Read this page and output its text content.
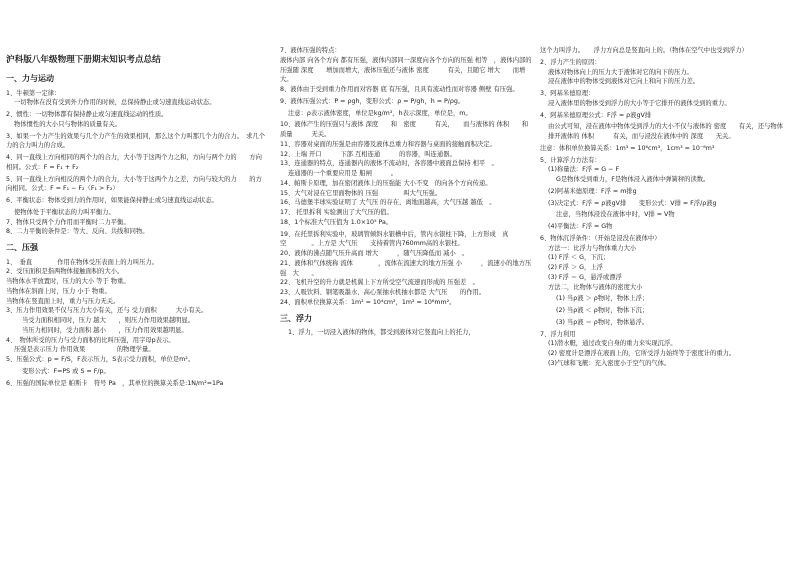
沪科版八年级物理下册期末知识考点总结

一、力与运动

1、牛顿第一定律：

一切物体在没有受到外力作用的时候，总保持静止或匀速直线运动状态。

2、惯性：一切物体都有保持静止或匀速直线运动的性质。

物体惯性的大小只与物体的质量有关。

3、如果一个力产生的效果与几个力产生的效果相同，那么这个力叫那几个力的合力。　求几个力的合力叫力的合成。

4、同一直线上方向相同的两个力的合力，大小等于这两个力之和，方向与两个力的　　方向相同。公式：F = F₁ + F₂

5、同一直线上方向相反的两个力的合力，大小等于这两个力之差，方向与较大的力　　的方向相同。公式：F = F₁ − F₂（F₁ > F₂）

6、平衡状态：物体受到力的作用时，如果能保持静止或匀速直线运动状态。

使物体处于平衡状态的力叫平衡力。

7、物体只受两个力作用而平衡时二力平衡。

8、二力平衡的条件是：等大、反向、共线和同物。

二、压强

1、　垂直　　　　作用在物体受压表面上的力叫压力。

2、受压面积是指两物体接触面积的大小。

当物体水平放置时，压力的大小 等于 物重。

当物体在斜面上时，压力 小于 物重。

当物体在竖直面上时，重力与压力无关。

3、压力作用效果不仅与压力大小有关，还与 受力面积　　　大小有关。

当受力面积相同时，压力 越大　　，则压力作用效果越明显。

当压力相同时，受力面积 越小　　，压力作用效果越明显。

4、　物体所受的压力与受力面积的比叫压强，用字母p表示。

压强是表示压力 作用效果　　　　　的物理学量。

5、压强公式：p = F/S，F表示压力，S表示受力面积，单位是m²。

变形公式：F=PS 或 S = F/p。

6、压强的国际单位是 帕斯卡　符号 Pa　，其单位的换算关系是:1N/m²=1Pa

7、液体压强的特点：

液体内部 向各个方向 都有压强，液体内部同一深度向各个方向的压强 相等　，液体内部的压强随 深度　　增加而增大，液体压强还与液体 密度　　　有关，且随它 增大　　而增大。

8、液体由于受到重力作用而对容器 底 有压强，且具有流动性而对容器 侧壁 有压强。

9、液体压强公式：P = ρgh，变形公式：ρ = P/gh，h = P/ρg。

注意：ρ表示液体密度，单位是kg/m³，h表示深度，单位是，m。

10、液体产生的压强只与液体 深度　　和　密度　　　有关，　　而与液体的 体积　　和　质量　　　无关。

11、容器对桌面的压强是由容器及液体总重力和容器与桌面的接触面积决定。

12、上端 开口　　　下部 互相连通　　　的容器，叫连通器。

13、连通器的特点，连通器内的液体不流动时，各容器中液面总保持 相平　。

连通器的一个重要应用是 船闸　　　。

14、帕斯卡原理，加在密闭液体上的压强能 大小不变　的向各个方向传递。

15、大气对浸在它里面物体的 压强　　　　叫大气压强。

16、马德堡半球实验证明了 大气压 的存在，离地面越高，大气压越 越低　。

17、 托里拆利 实验测出了大气压的值。

18、1个标准大气压值为 1.0×10⁵ Pa。

19、在托里拆利实验中，玻璃管倾斜水银槽中后，管内水银柱下降，上方形成　真空　　　　。上方是 大气压　　支持着管内760mm高的水银柱。

20、液体的沸点随气压升高而 增大　　　，随气压降低而 减小　。

21、液体和气体统称 流体　　　　，流体在流速大的地方压强 小　　　，流速小的地方压强　大　　。

22、飞机升空的升力就是机翼上下方所受空气流速而形成的 压强差　。

23、人吸饮料、钢笔吸墨水、高心泵抽水机抽水都是 大气压　　的作用。

24、面积单位换算关系：1m² = 10⁴cm²，1m² = 10⁶mm²。

三、浮力

1、浮力，一切浸入液体的物体，都受到液体对它竖直向上的托力，

这个力叫浮力。　　浮力方向总是竖直向上的。（物体在空气中也受到浮力）

2、浮力产生的原因：

液体对物体向上的压力大于液体对它的向下的压力。

浸在液体中的物体受到液体对它向上和向下的压力差。

3、阿基米德原理：

浸入液体里的物体受到浮力的大小等于它排开的液体受到的重力。

4、阿基米德原理公式：F浮 = ρ液gV排

由公式可知，浸在液体中物体受到浮力的大小不仅与液体的 密度　　有关，还与物体排开液体的 体积　　　有关，而与浸没在液体中的 深度　　无关。

注意：体积单位换算关系：1m³ = 10⁶cm³，1cm³ = 10⁻⁶m³

5、计算浮力方法有：

(1)称量法：F浮 = G − F

G是物体受到重力，F是物体浸入液体中弹簧秤的读数。

(2)阿基米德原理：F浮 = m排g

(3)决定式：F浮 = ρ液gV排　　变形公式：V排 = F浮/ρ液g

注意，当物体浸没在液体中时，V排 = V物

(4)平衡法：F浮 = G物

6、物体沉浮条件：（开始是浸没在液体中）

方法一：比浮力与物体重力大小

(1) F浮 ＜ G，下沉；

(2) F浮 ＞ G，上浮

(3) F浮 ＝ G，悬浮或漂浮

方法二，比物体与液体的密度大小

(1) 当ρ液 ＞ ρ物时，物体上浮；

(2) 当ρ液 ＜ ρ物时，物体下沉；

(3) 当ρ液 ＝ ρ物时，物体悬浮。

7、浮力利用

(1)潜水艇，通过改变自身的重力来实现沉浮。

(2) 密度计是漂浮在液面上的，它所受浮力始终等于密度计的重力。

(3)气球和飞艇：充入密度小于空气的气体。
